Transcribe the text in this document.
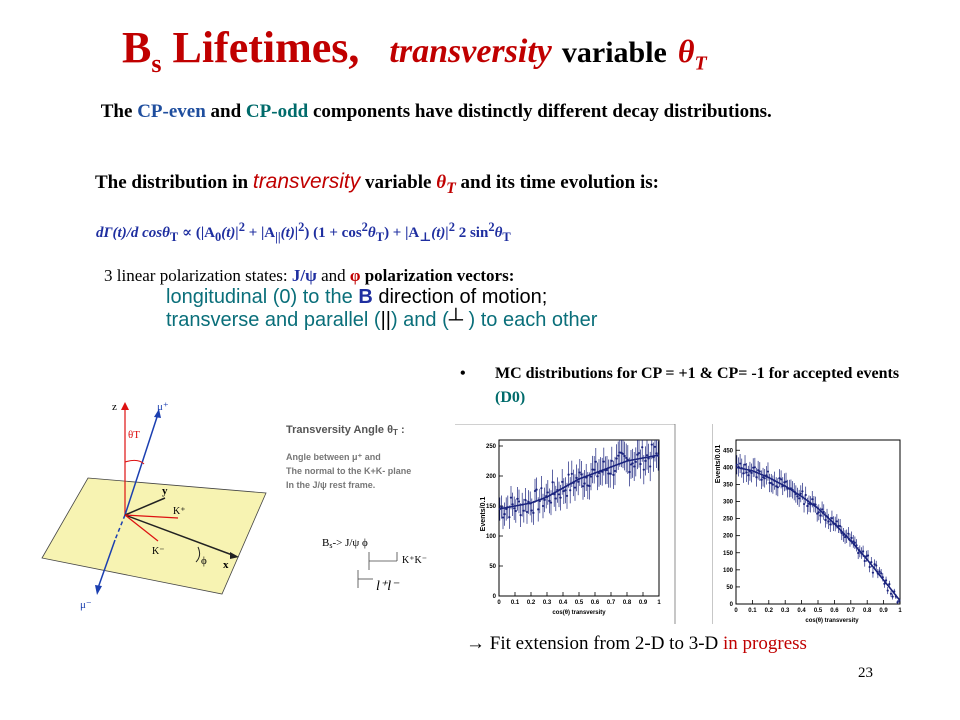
$B_s$ Lifetimes, transversity variable $\theta_T$
The CP-even and CP-odd components have distinctly different decay distributions.
The distribution in transversity variable $\theta_T$ and its time evolution is:
dΓ(t)/d $\cos\theta_T \propto (|A_0(t)|^2 + |A_{||}(t)|^2) (1 + \cos^2\theta_T) + |A_\perp(t)|^2$ 2 $\sin^2\theta_T$
3 linear polarization states: J/ψ and φ polarization vectors:
longitudinal (0) to the B direction of motion;
transverse and parallel (||) and (┴ ) to each other
• MC distributions for CP = +1 & CP= -1 for accepted events (D0)
z	μ⁺
μ⁻
θT
y
x
K⁺
K⁻
ϕ
Transversity Angle θT :
Angle between μ⁺ and
The normal to the K+K- plane
In the J/ψ rest frame.
Bs-> J/ψ ϕ
K⁺K⁻
l⁺l⁻
Events/0.1
cos(θ) transversity
0
50
100
150
200
250
0 0.1 0.2 0.3 0.4 0.5 0.6 0.7 0.8 0.9 1
Events/0.01
cos(θ) transversity
0
50
100
150
200
250
300
350
400
450
0 0.1 0.2 0.3 0.4 0.5 0.6 0.7 0.8 0.9 1
→ Fit extension from 2-D to 3-D in progress
23
